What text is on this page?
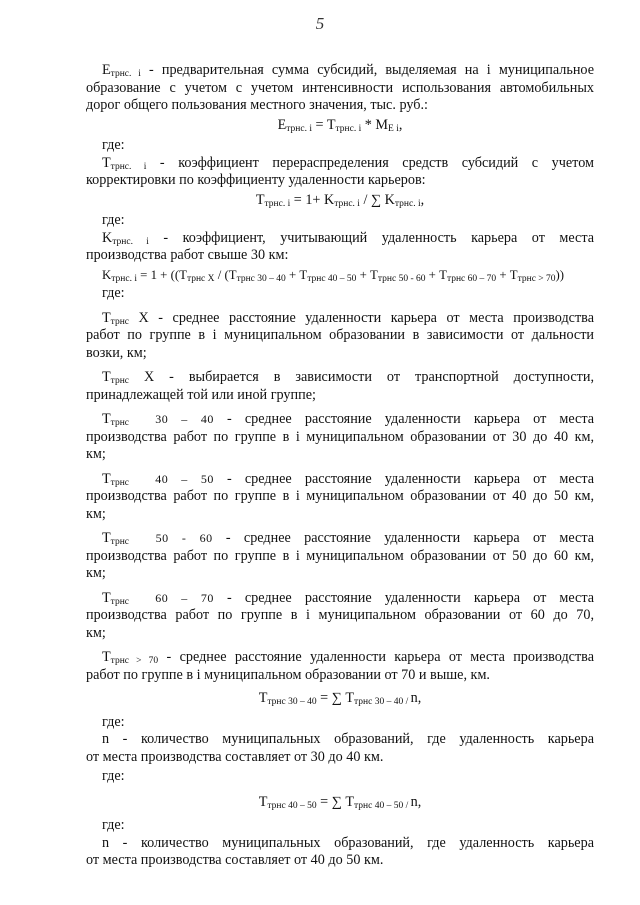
5

$E_{трнс. i}$ - предварительная сумма субсидий, выделяемая на i муниципальное
образование с учетом с учетом интенсивности использования автомобильных
дорог общего пользования местного значения, тыс. руб.:

$E_{трнс. i} = T_{трнс. i} * M_{E i}$,

где:

$T_{трнс. i}$ - коэффициент перераспределения средств субсидий с учетом
корректировки по коэффициенту удаленности карьеров:

$T_{трнс. i} = 1+ K_{трнс. i}$ / ∑ $K_{трнс. i}$,

где:

$K_{трнс. i}$ - коэффициент, учитывающий удаленность карьера от места
производства работ свыше 30 км:

$K_{трнс. i} = 1 + ((T_{трнс X} / (T_{трнс 30 - 40} + T_{трнс 40 - 50} + T_{трнс 50 - 60} + T_{трнс 60 - 70} + T_{трнс > 70}))$

где:

$T_{трнс}$ X - среднее расстояние удаленности карьера от места производства
работ по группе в i муниципальном образовании в зависимости от дальности
возки, км;

$T_{трнс}$ X - выбирается в зависимости от транспортной доступности,
принадлежащей той или иной группе;

$T_{трнс}$ 30 – 40 - среднее расстояние удаленности карьера от места
производства работ по группе в i муниципальном образовании от 30 до 40 км,
км;

$T_{трнс}$ 40 – 50 - среднее расстояние удаленности карьера от места
производства работ по группе в i муниципальном образовании от 40 до 50 км,
км;

$T_{трнс}$ 50 - 60 - среднее расстояние удаленности карьера от места
производства работ по группе в i муниципальном образовании от 50 до 60 км,
км;

$T_{трнс}$ 60 – 70 - среднее расстояние удаленности карьера от места
производства работ по группе в i муниципальном образовании от 60 до 70,
км;

$T_{трнс > 70}$ - среднее расстояние удаленности карьера от места производства
работ по группе в i муниципальном образовании от 70 и выше, км.

$T_{трнс 30 - 40}$ = ∑ $T_{трнс 30 - 40 /}$ n,

где:

n - количество муниципальных образований, где удаленность карьера
от места производства составляет от 30 до 40 км.

где:

$T_{трнс 40 - 50}$ = ∑ $T_{трнс 40 - 50 /}$ n,

где:

n - количество муниципальных образований, где удаленность карьера
от места производства составляет от 40 до 50 км.
